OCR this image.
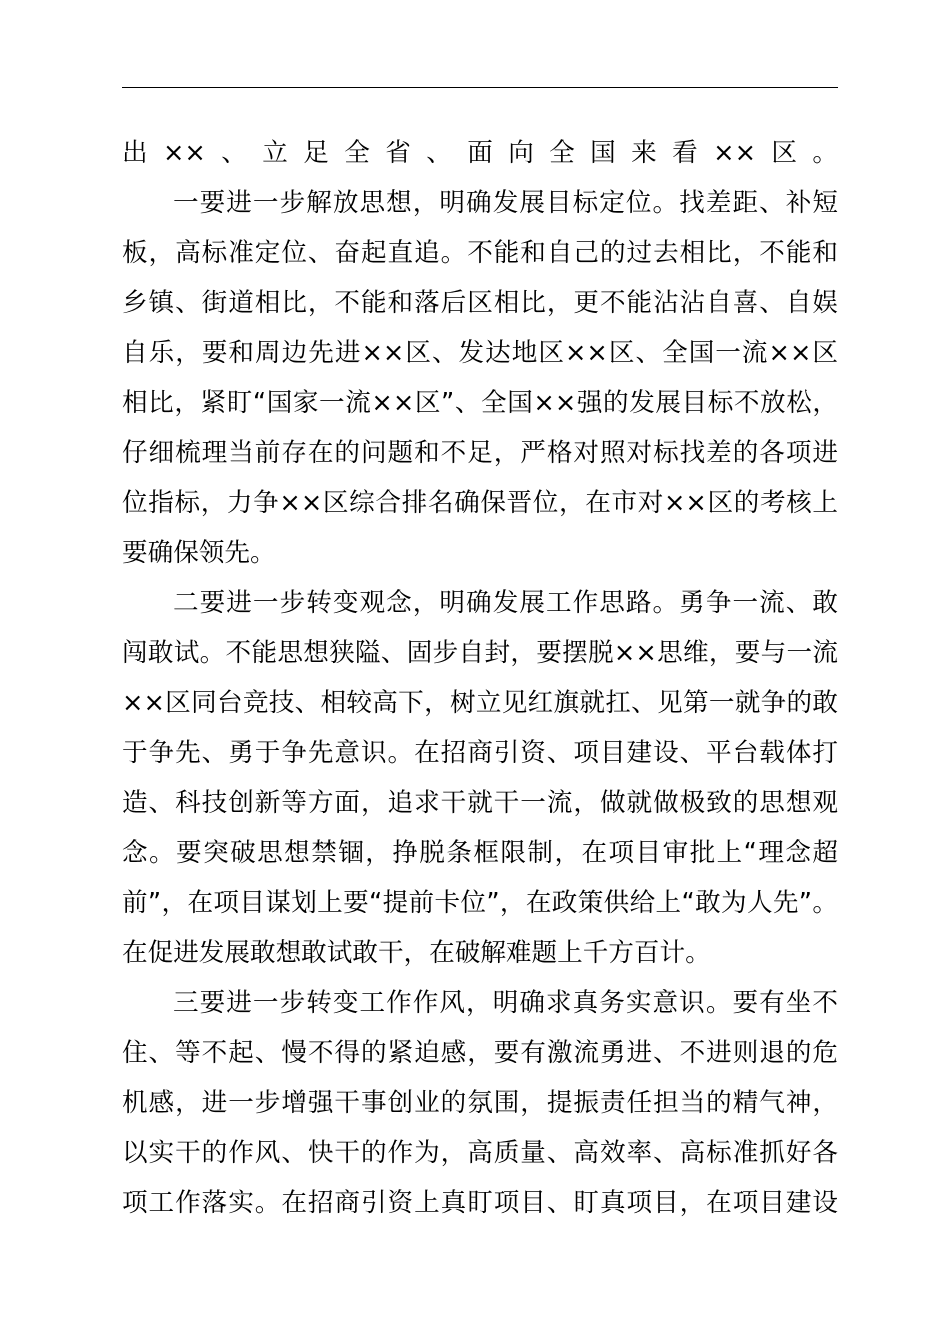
出××、立足全省、面向全国来看××区。
一要进一步解放思想，明确发展目标定位。找差距、补短
板，高标准定位、奋起直追。不能和自己的过去相比，不能和
乡镇、街道相比，不能和落后区相比，更不能沾沾自喜、自娱
自乐，要和周边先进××区、发达地区××区、全国一流××区
相比，紧盯“国家一流××区”、全国××强的发展目标不放松，
仔细梳理当前存在的问题和不足，严格对照对标找差的各项进
位指标，力争××区综合排名确保晋位，在市对××区的考核上
要确保领先。
二要进一步转变观念，明确发展工作思路。勇争一流、敢
闯敢试。不能思想狭隘、固步自封，要摆脱××思维，要与一流
××区同台竞技、相较高下，树立见红旗就扛、见第一就争的敢
于争先、勇于争先意识。在招商引资、项目建设、平台载体打
造、科技创新等方面，追求干就干一流，做就做极致的思想观
念。要突破思想禁锢，挣脱条框限制，在项目审批上“理念超
前”，在项目谋划上要“提前卡位”，在政策供给上“敢为人先”。
在促进发展敢想敢试敢干，在破解难题上千方百计。
三要进一步转变工作作风，明确求真务实意识。要有坐不
住、等不起、慢不得的紧迫感，要有激流勇进、不进则退的危
机感，进一步增强干事创业的氛围，提振责任担当的精气神，
以实干的作风、快干的作为，高质量、高效率、高标准抓好各
项工作落实。在招商引资上真盯项目、盯真项目，在项目建设
